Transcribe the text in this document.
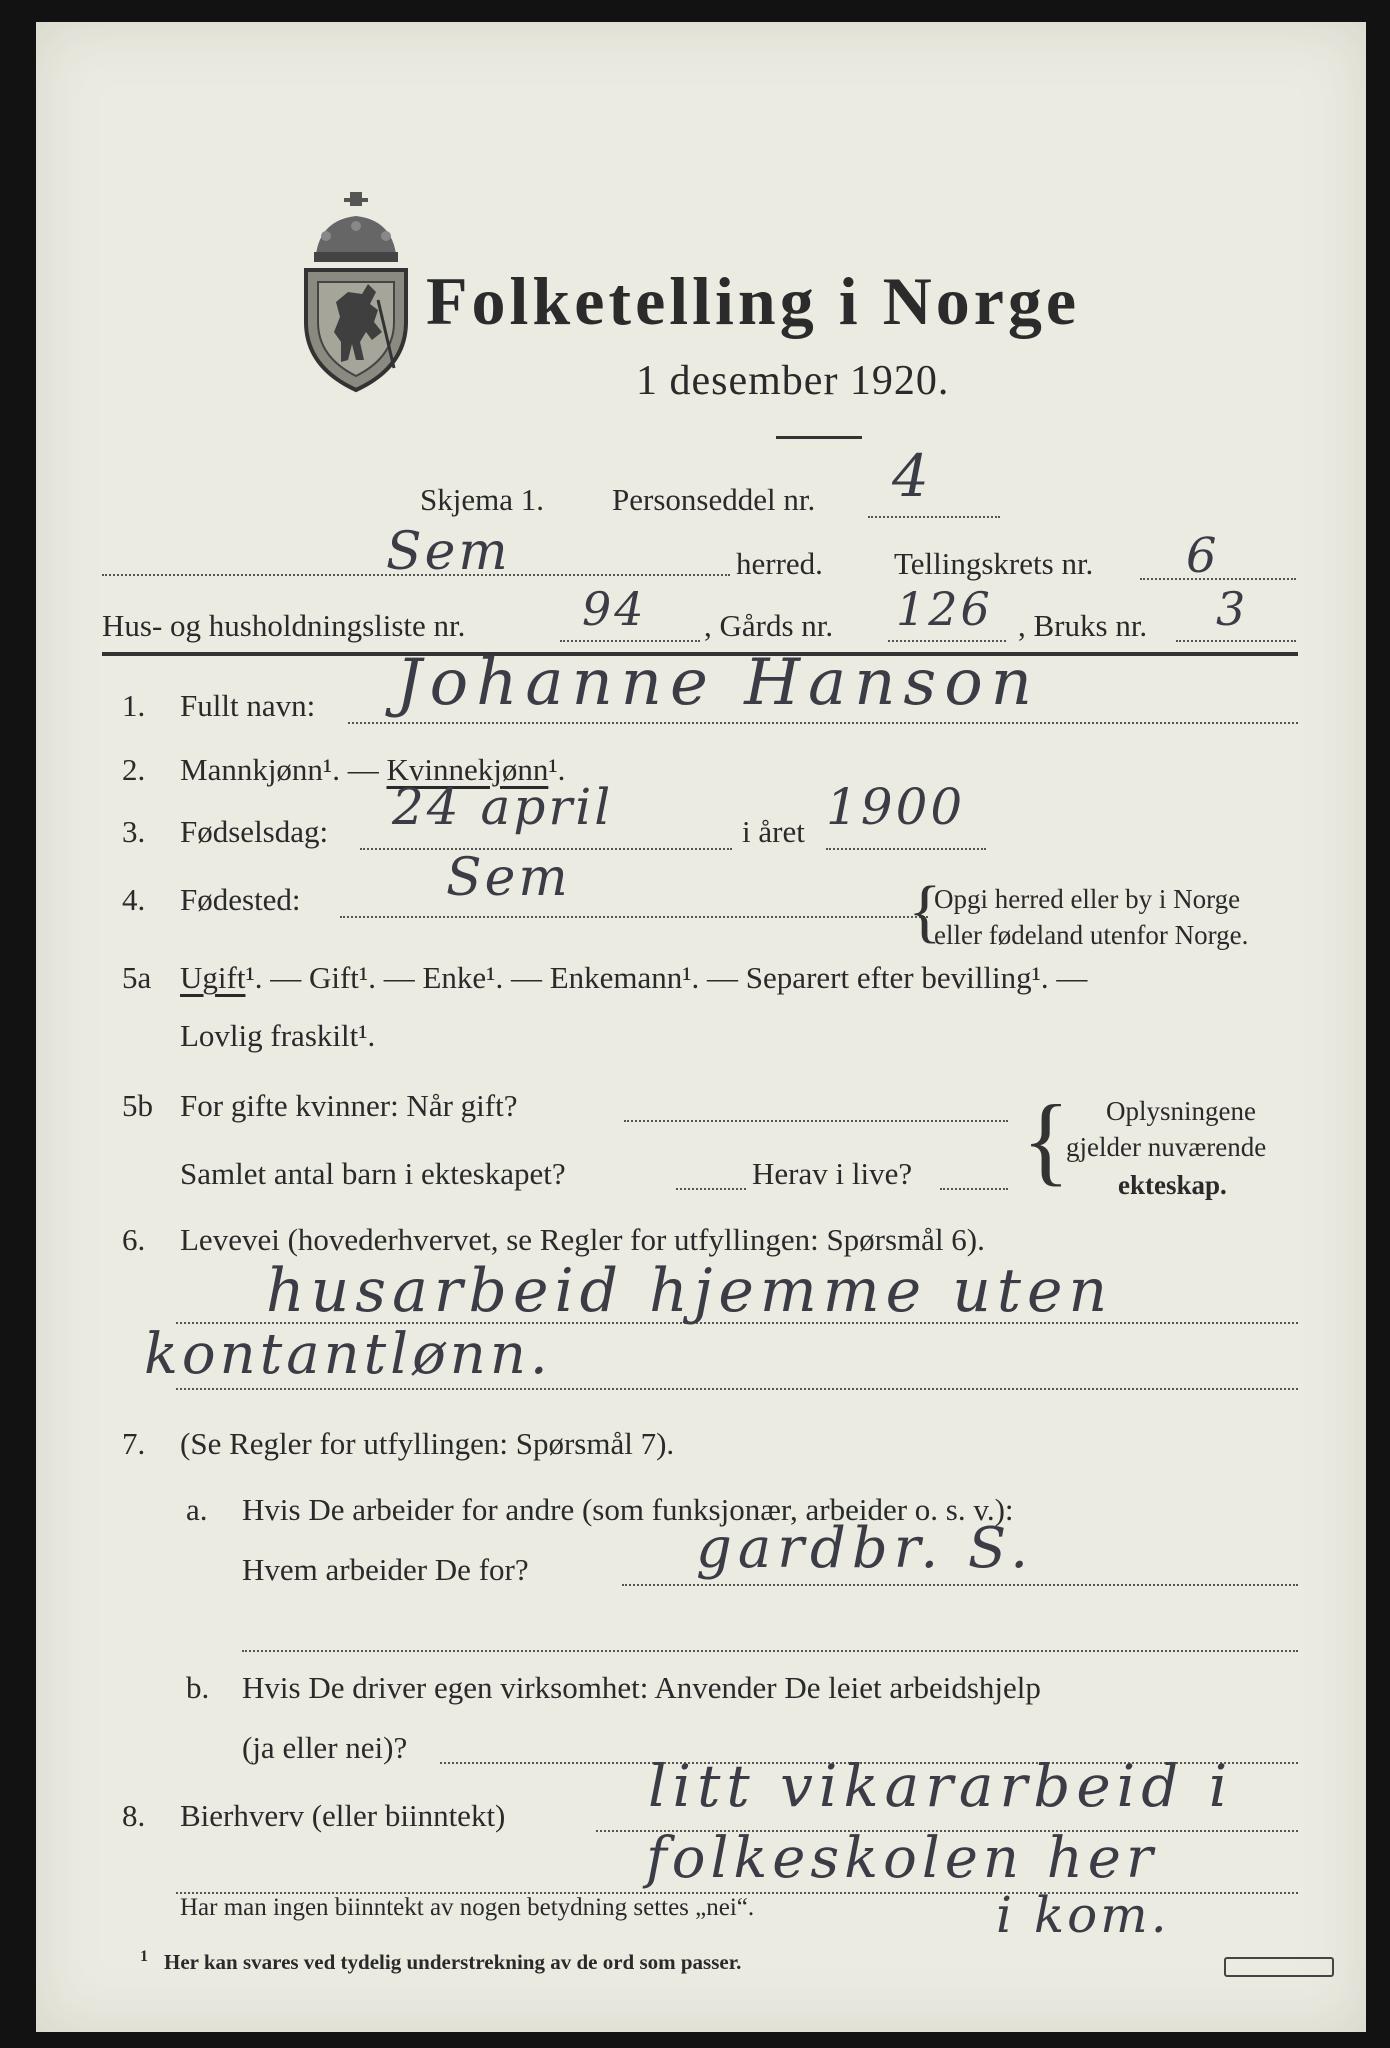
Folketelling i Norge
1 desember 1920.
Skjema 1. Personseddel nr. 4
Sem	herred. Tellingskrets nr. 6
Hus- og husholdningsliste nr.	94 , Gårds nr. 126 , Bruks nr. 3
1. Fullt navn: Johanne Hanson
2. Mannkjønn¹. — Kvinnekjønn¹.
3. Fødselsdag: 24 april	i året 1900
4. Fødested:	Sem	{
Opgi herred eller by i Norge
eller fødeland utenfor Norge.
5a Ugift¹. — Gift¹. — Enke¹. — Enkemann¹. — Separert efter bevilling¹. —
Lovlig fraskilt¹.
5b For gifte kvinner: Når gift?
Samlet antal barn i ekteskapet?	Herav i live? { Oplysningene
gjelder nuværende
ekteskap.
6. Levevei (hovederhvervet, se Regler for utfyllingen: Spørsmål 6).
husarbeid hjemme uten
kontantlønn.
7. (Se Regler for utfyllingen: Spørsmål 7).
a. Hvis De arbeider for andre (som funksjonær, arbeider o. s. v.):
Hvem arbeider De for?	gardbr. S.
b. Hvis De driver egen virksomhet: Anvender De leiet arbeidshjelp
(ja eller nei)?
8. Bierhverv (eller biinntekt) litt vikararbeid i
folkeskolen her
Har man ingen biinntekt av nogen betydning settes „nei“.	i kom.
1 Her kan svares ved tydelig understrekning av de ord som passer.
